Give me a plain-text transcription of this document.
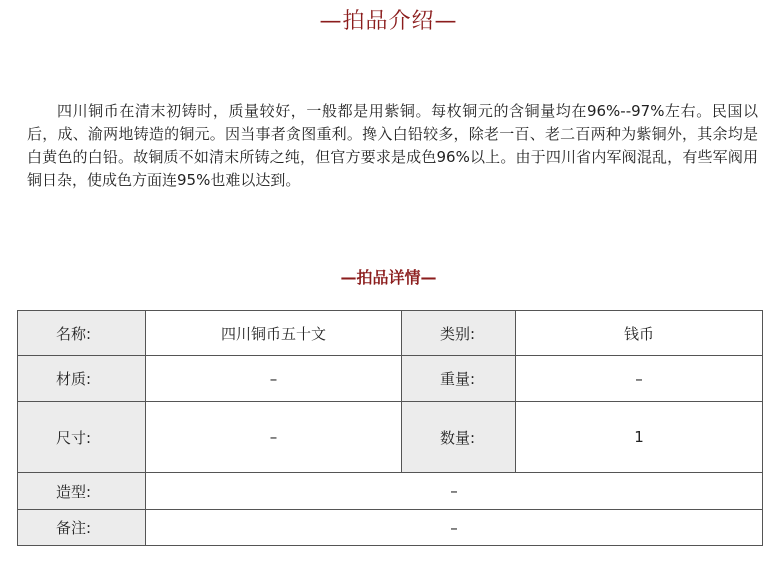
—拍品介绍—

四川铜币在清末初铸时，质量较好，一般都是用紫铜。每枚铜元的含铜量均在96%--97%左右。民国以后，成、渝两地铸造的铜元。因当事者贪图重利。搀入白铅较多，除老一百、老二百两种为紫铜外，其余均是白黄色的白铅。故铜质不如清末所铸之纯，但官方要求是成色96%以上。由于四川省内军阀混乱，有些军阀用铜日杂，使成色方面连95%也难以达到。

—拍品详情—
名称:	四川铜币五十文	类别:	钱币
材质:	–	重量:	–
尺寸:	–	数量:	1
造型:	–		
备注:	–		
